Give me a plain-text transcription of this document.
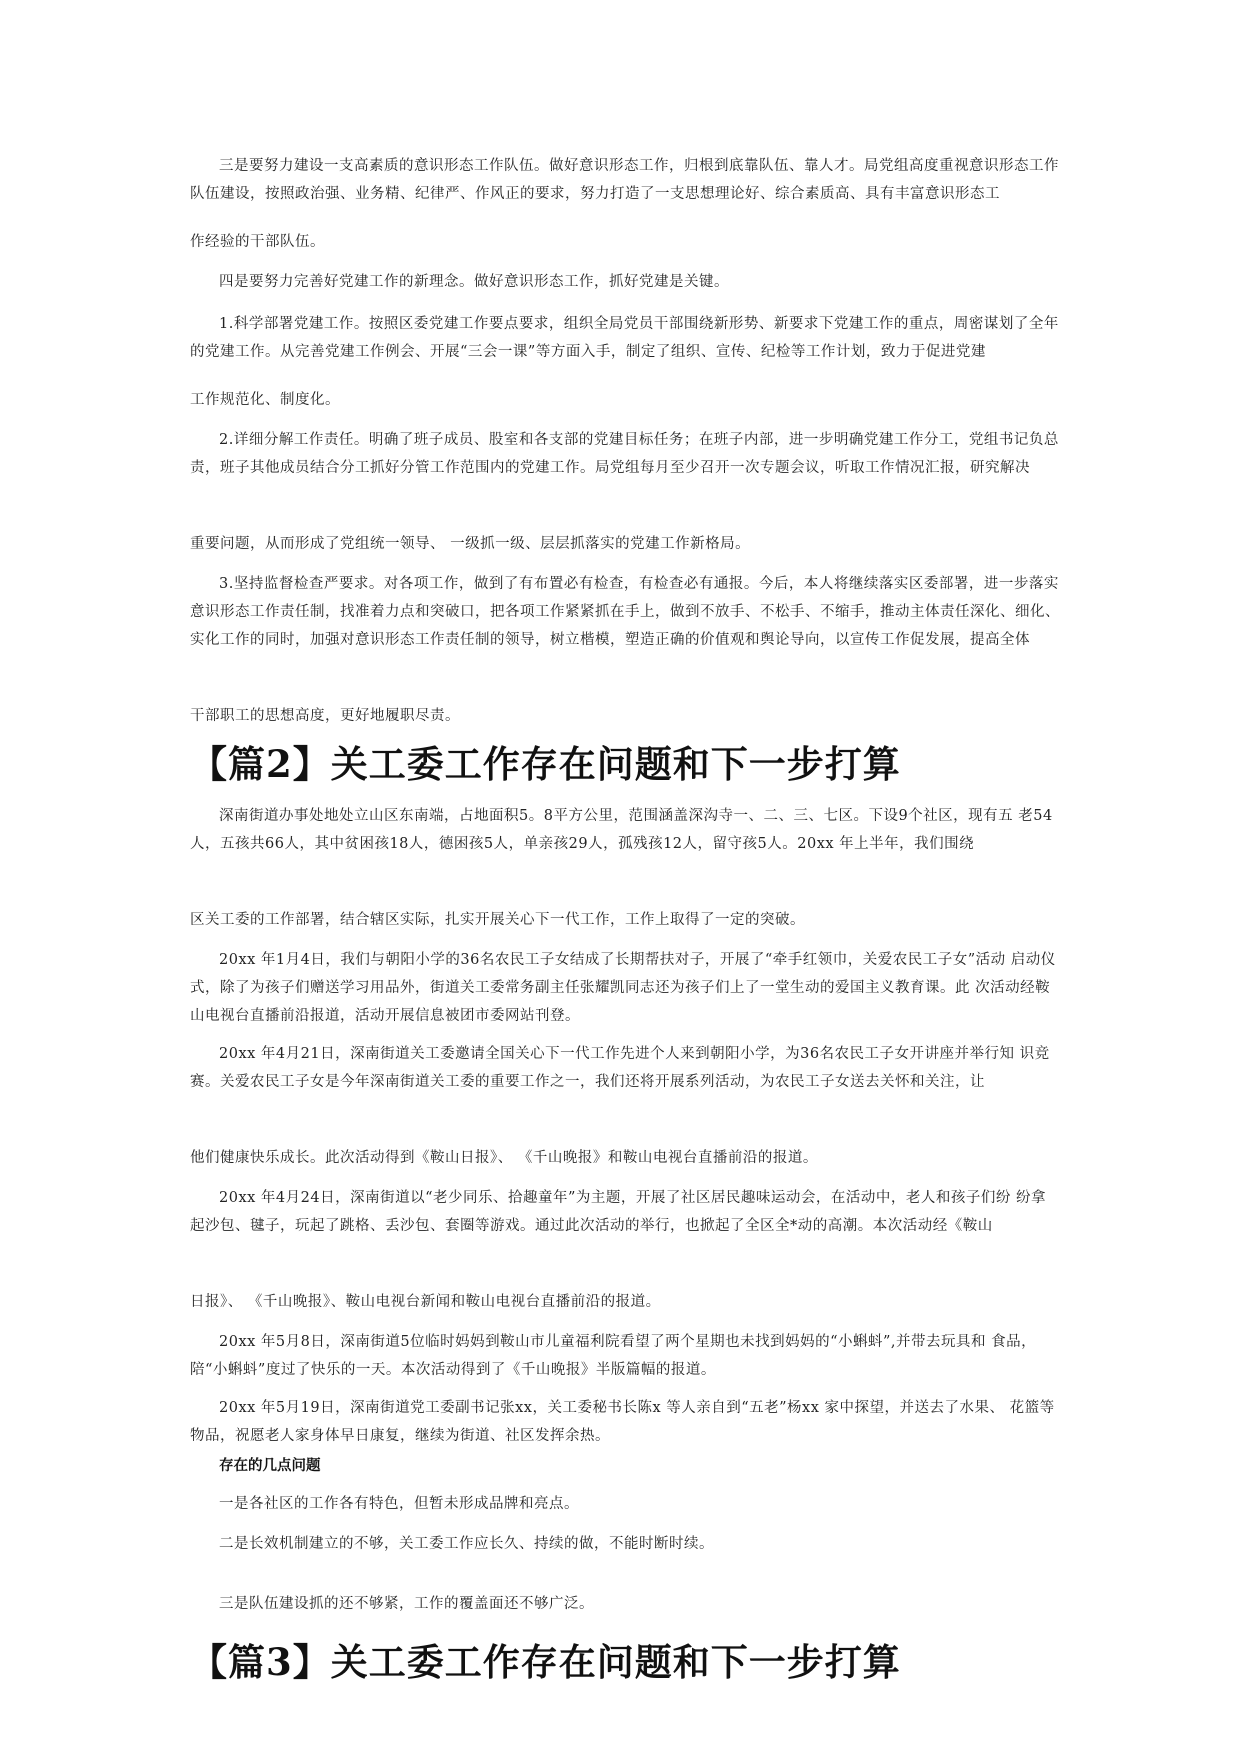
三是要努力建设一支高素质的意识形态工作队伍。做好意识形态工作，归根到底靠队伍、靠人才。局党组高度重视意识形态工作队伍建设，按照政治强、业务精、纪律严、作风正的要求，努力打造了一支思想理论好、综合素质高、具有丰富意识形态工

作经验的干部队伍。

四是要努力完善好党建工作的新理念。做好意识形态工作，抓好党建是关键。

1.科学部署党建工作。按照区委党建工作要点要求，组织全局党员干部围绕新形势、新要求下党建工作的重点，周密谋划了全年的党建工作。从完善党建工作例会、开展“三会一课”等方面入手，制定了组织、宣传、纪检等工作计划，致力于促进党建

工作规范化、制度化。

2.详细分解工作责任。明确了班子成员、股室和各支部的党建目标任务；在班子内部，进一步明确党建工作分工，党组书记负总责，班子其他成员结合分工抓好分管工作范围内的党建工作。局党组每月至少召开一次专题会议，听取工作情况汇报，研究解决

重要问题，从而形成了党组统一领导、 一级抓一级、层层抓落实的党建工作新格局。

3.坚持监督检查严要求。对各项工作，做到了有布置必有检查，有检查必有通报。今后，本人将继续落实区委部署，进一步落实意识形态工作责任制，找准着力点和突破口，把各项工作紧紧抓在手上，做到不放手、不松手、不缩手，推动主体责任深化、细化、实化工作的同时，加强对意识形态工作责任制的领导，树立楷模，塑造正确的价值观和舆论导向，以宣传工作促发展，提高全体

干部职工的思想高度，更好地履职尽责。

【篇2】关工委工作存在问题和下一步打算

深南街道办事处地处立山区东南端，占地面积5。8平方公里，范围涵盖深沟寺一、二、三、七区。下设9个社区，现有五 老54人，五孩共66人，其中贫困孩18人，德困孩5人，单亲孩29人，孤残孩12人，留守孩5人。20xx 年上半年，我们围绕

区关工委的工作部署，结合辖区实际，扎实开展关心下一代工作，工作上取得了一定的突破。

20xx 年1月4日，我们与朝阳小学的36名农民工子女结成了长期帮扶对子，开展了“牵手红领巾，关爱农民工子女”活动 启动仪式，除了为孩子们赠送学习用品外，街道关工委常务副主任张耀凯同志还为孩子们上了一堂生动的爱国主义教育课。此 次活动经鞍山电视台直播前沿报道，活动开展信息被团市委网站刊登。

20xx 年4月21日，深南街道关工委邀请全国关心下一代工作先进个人来到朝阳小学，为36名农民工子女开讲座并举行知 识竞赛。关爱农民工子女是今年深南街道关工委的重要工作之一，我们还将开展系列活动，为农民工子女送去关怀和关注，让

他们健康快乐成长。此次活动得到《鞍山日报》、 《千山晚报》和鞍山电视台直播前沿的报道。

20xx 年4月24日，深南街道以“老少同乐、拾趣童年”为主题，开展了社区居民趣味运动会，在活动中，老人和孩子们纷 纷拿起沙包、毽子，玩起了跳格、丢沙包、套圈等游戏。通过此次活动的举行，也掀起了全区全*动的高潮。本次活动经《鞍山

日报》、 《千山晚报》、鞍山电视台新闻和鞍山电视台直播前沿的报道。

20xx 年5月8日，深南街道5位临时妈妈到鞍山市儿童福利院看望了两个星期也未找到妈妈的“小蝌蚪”,并带去玩具和 食品，陪“小蝌蚪”度过了快乐的一天。本次活动得到了《千山晚报》半版篇幅的报道。

20xx 年5月19日，深南街道党工委副书记张xx，关工委秘书长陈x 等人亲自到“五老”杨xx 家中探望，并送去了水果、 花篮等物品，祝愿老人家身体早日康复，继续为街道、社区发挥余热。

存在的几点问题

一是各社区的工作各有特色，但暂未形成品牌和亮点。

二是长效机制建立的不够，关工委工作应长久、持续的做，不能时断时续。

三是队伍建设抓的还不够紧，工作的覆盖面还不够广泛。

【篇3】关工委工作存在问题和下一步打算
